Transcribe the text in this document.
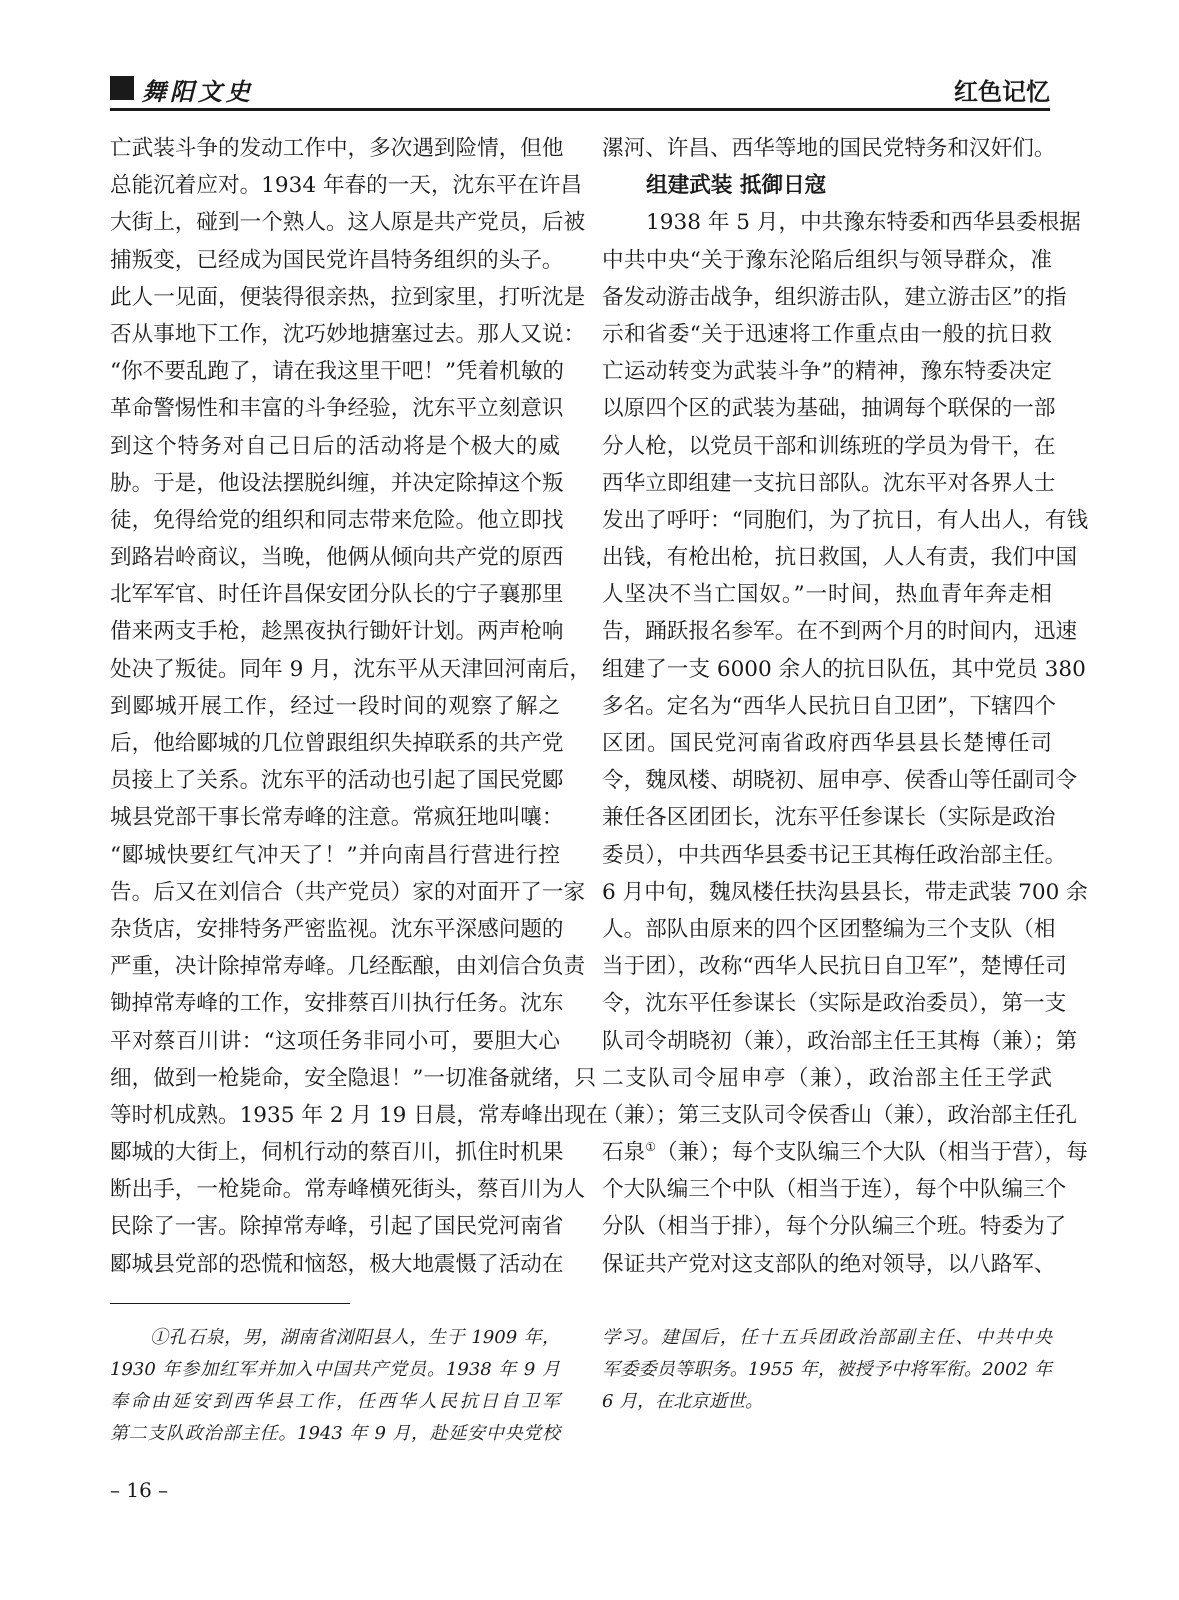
舞阳文史	红色记忆
亡武装斗争的发动工作中，多次遇到险情，但他
总能沉着应对。1934 年春的一天，沈东平在许昌
大街上，碰到一个熟人。这人原是共产党员，后被
捕叛变，已经成为国民党许昌特务组织的头子。
此人一见面，便装得很亲热，拉到家里，打听沈是
否从事地下工作，沈巧妙地搪塞过去。那人又说：
“你不要乱跑了，请在我这里干吧！”凭着机敏的
革命警惕性和丰富的斗争经验，沈东平立刻意识
到这个特务对自己日后的活动将是个极大的威
胁。于是，他设法摆脱纠缠，并决定除掉这个叛
徒，免得给党的组织和同志带来危险。他立即找
到路岩岭商议，当晚，他俩从倾向共产党的原西
北军军官、时任许昌保安团分队长的宁子襄那里
借来两支手枪，趁黑夜执行锄奸计划。两声枪响
处决了叛徒。同年 9 月，沈东平从天津回河南后，
到郾城开展工作，经过一段时间的观察了解之
后，他给郾城的几位曾跟组织失掉联系的共产党
员接上了关系。沈东平的活动也引起了国民党郾
城县党部干事长常寿峰的注意。常疯狂地叫嚷：
“郾城快要红气冲天了！”并向南昌行营进行控
告。后又在刘信合（共产党员）家的对面开了一家
杂货店，安排特务严密监视。沈东平深感问题的
严重，决计除掉常寿峰。几经酝酿，由刘信合负责
锄掉常寿峰的工作，安排蔡百川执行任务。沈东
平对蔡百川讲：“这项任务非同小可，要胆大心
细，做到一枪毙命，安全隐退！”一切准备就绪，只
等时机成熟。1935 年 2 月 19 日晨，常寿峰出现在
郾城的大街上，伺机行动的蔡百川，抓住时机果
断出手，一枪毙命。常寿峰横死街头，蔡百川为人
民除了一害。除掉常寿峰，引起了国民党河南省
郾城县党部的恐慌和恼怒，极大地震慑了活动在
漯河、许昌、西华等地的国民党特务和汉奸们。
组建武装 抵御日寇
1938 年 5 月，中共豫东特委和西华县委根据
中共中央“关于豫东沦陷后组织与领导群众，准
备发动游击战争，组织游击队，建立游击区”的指
示和省委“关于迅速将工作重点由一般的抗日救
亡运动转变为武装斗争”的精神，豫东特委决定
以原四个区的武装为基础，抽调每个联保的一部
分人枪，以党员干部和训练班的学员为骨干，在
西华立即组建一支抗日部队。沈东平对各界人士
发出了呼吁：“同胞们，为了抗日，有人出人，有钱
出钱，有枪出枪，抗日救国，人人有责，我们中国
人坚决不当亡国奴。”一时间，热血青年奔走相
告，踊跃报名参军。在不到两个月的时间内，迅速
组建了一支 6000 余人的抗日队伍，其中党员 380
多名。定名为“西华人民抗日自卫团”，下辖四个
区团。国民党河南省政府西华县县长楚博任司
令，魏凤楼、胡晓初、屈申亭、侯香山等任副司令
兼任各区团团长，沈东平任参谋长（实际是政治
委员），中共西华县委书记王其梅任政治部主任。
6 月中旬，魏凤楼任扶沟县县长，带走武装 700 余
人。部队由原来的四个区团整编为三个支队（相
当于团），改称“西华人民抗日自卫军”，楚博任司
令，沈东平任参谋长（实际是政治委员），第一支
队司令胡晓初（兼），政治部主任王其梅（兼）；第
二支队司令屈申亭（兼），政治部主任王学武
（兼）；第三支队司令侯香山（兼），政治部主任孔
石泉①（兼）；每个支队编三个大队（相当于营），每
个大队编三个中队（相当于连），每个中队编三个
分队（相当于排），每个分队编三个班。特委为了
保证共产党对这支部队的绝对领导，以八路军、
①孔石泉，男，湖南省浏阳县人，生于 1909 年，
1930 年参加红军并加入中国共产党员。1938 年 9 月
奉命由延安到西华县工作，任西华人民抗日自卫军
第二支队政治部主任。1943 年 9 月，赴延安中央党校
学习。建国后，任十五兵团政治部副主任、中共中央
军委委员等职务。1955 年，被授予中将军衔。2002 年
6 月，在北京逝世。
– 16 –
